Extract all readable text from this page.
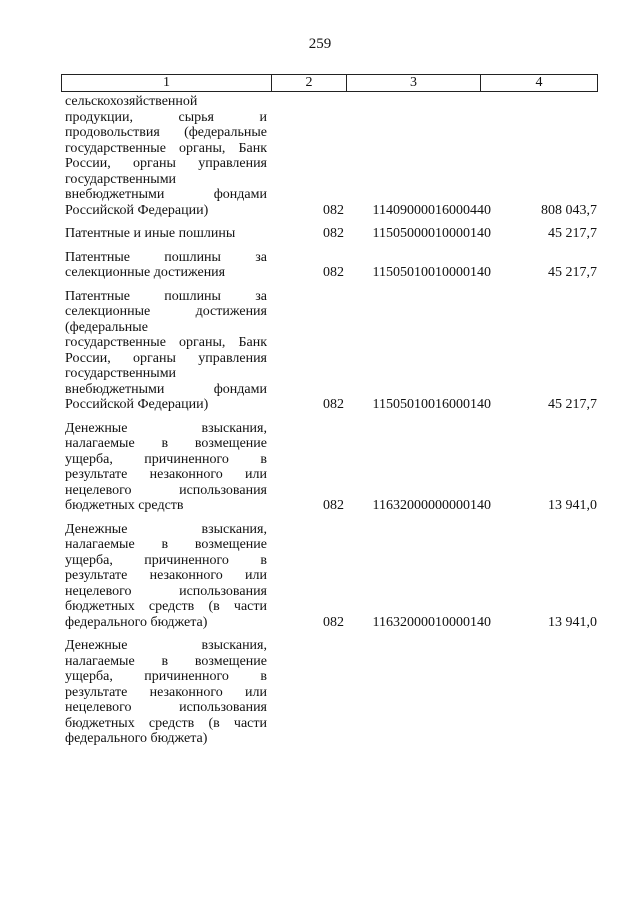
259
1	2	3	4
сельскохозяйственной
продукции, сырья и
продовольствия (федеральные
государственные органы, Банк
России, органы управления
государственными
внебюджетными фондами
Российской Федерации)	082	11409000016000440	808 043,7
Патентные и иные пошлины	082	11505000010000140	45 217,7
Патентные пошлины за
селекционные достижения	082	11505010010000140	45 217,7
Патентные пошлины за
селекционные достижения
(федеральные
государственные органы, Банк
России, органы управления
государственными
внебюджетными фондами
Российской Федерации)	082	11505010016000140	45 217,7
Денежные взыскания,
налагаемые в возмещение
ущерба, причиненного в
результате незаконного или
нецелевого использования
бюджетных средств	082	11632000000000140	13 941,0
Денежные взыскания,
налагаемые в возмещение
ущерба, причиненного в
результате незаконного или
нецелевого использования
бюджетных средств (в части
федерального бюджета)	082	11632000010000140	13 941,0
Денежные взыскания,
налагаемые в возмещение
ущерба, причиненного в
результате незаконного или
нецелевого использования
бюджетных средств (в части
федерального бюджета)
